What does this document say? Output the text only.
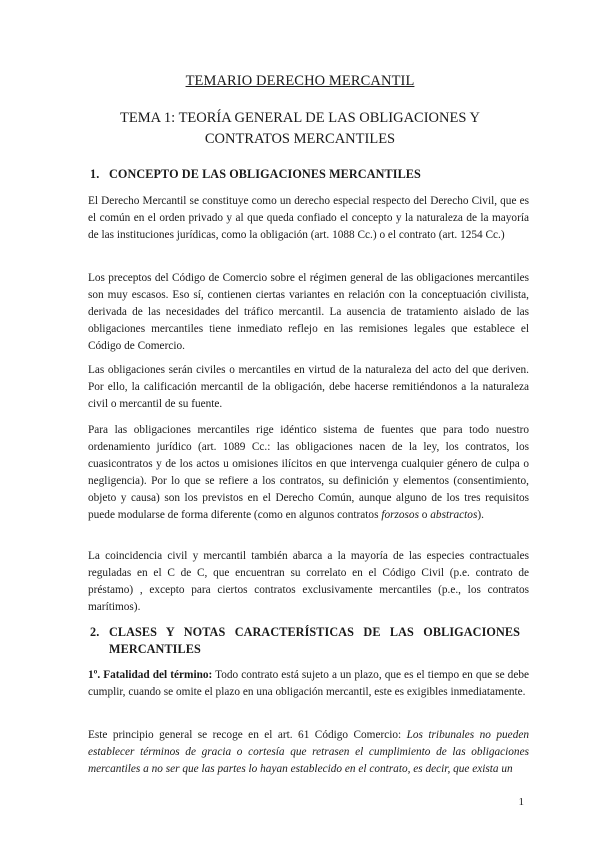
TEMARIO DERECHO MERCANTIL
TEMA 1: TEORÍA GENERAL DE LAS OBLIGACIONES Y CONTRATOS MERCANTILES
1. CONCEPTO DE LAS OBLIGACIONES MERCANTILES

El Derecho Mercantil se constituye como un derecho especial respecto del Derecho Civil, que es el común en el orden privado y al que queda confiado el concepto y la naturaleza de la mayoría de las instituciones jurídicas, como la obligación (art. 1088 Cc.) o el contrato (art. 1254 Cc.)

Los preceptos del Código de Comercio sobre el régimen general de las obligaciones mercantiles son muy escasos. Eso sí, contienen ciertas variantes en relación con la conceptuación civilista, derivada de las necesidades del tráfico mercantil. La ausencia de tratamiento aislado de las obligaciones mercantiles tiene inmediato reflejo en las remisiones legales que establece el Código de Comercio.

Las obligaciones serán civiles o mercantiles en virtud de la naturaleza del acto del que deriven. Por ello, la calificación mercantil de la obligación, debe hacerse remitiéndonos a la naturaleza civil o mercantil de su fuente.

Para las obligaciones mercantiles rige idéntico sistema de fuentes que para todo nuestro ordenamiento jurídico (art. 1089 Cc.: las obligaciones nacen de la ley, los contratos, los cuasicontratos y de los actos u omisiones ilícitos en que intervenga cualquier género de culpa o negligencia). Por lo que se refiere a los contratos, su definición y elementos (consentimiento, objeto y causa) son los previstos en el Derecho Común, aunque alguno de los tres requisitos puede modularse de forma diferente (como en algunos contratos forzosos o abstractos).

La coincidencia civil y mercantil también abarca a la mayoría de las especies contractuales reguladas en el C de C, que encuentran su correlato en el Código Civil (p.e. contrato de préstamo) , excepto para ciertos contratos exclusivamente mercantiles (p.e., los contratos marítimos).

2. CLASES Y NOTAS CARACTERÍSTICAS DE LAS OBLIGACIONES MERCANTILES

1º. Fatalidad del término: Todo contrato está sujeto a un plazo, que es el tiempo en que se debe cumplir, cuando se omite el plazo en una obligación mercantil, este es exigibles inmediatamente.

Este principio general se recoge en el art. 61 Código Comercio: Los tribunales no pueden establecer términos de gracia o cortesía que retrasen el cumplimiento de las obligaciones mercantiles a no ser que las partes lo hayan establecido en el contrato, es decir, que exista un

1
